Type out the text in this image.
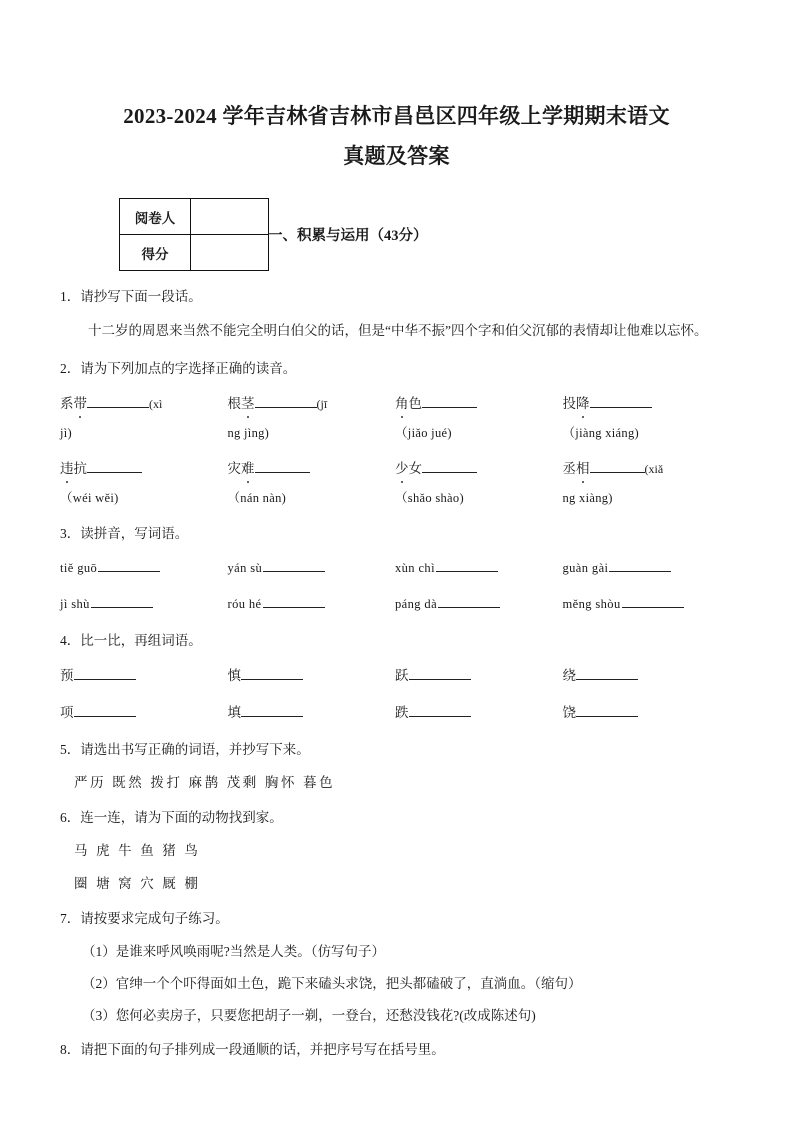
2023-2024 学年吉林省吉林市昌邑区四年级上学期期末语文
真题及答案
阅卷人	
得分	
一、积累与运用（43分）
1．请抄写下面一段话。
十二岁的周恩来当然不能完全明白伯父的话，但是“中华不振”四个字和伯父沉郁的表情却让他难以忘怀。
2．请为下列加点的字选择正确的读音。
系带 (xì	根茎 (jī	角色	投降
jì)	ng jìng)	（jiǎo jué)	（jiàng xiáng)
违抗	灾难	少女	丞相 (xiǎ
（wéi wěi)	（nán nàn)	（shǎo shào)	ng xiàng)
3．读拼音，写词语。
tiě guō	yán sù	xùn chì	guàn gài
jì shù	róu hé	páng dà	měng shòu
4．比一比，再组词语。
预	慎	跃	绕
项	填	跌	饶
5．请选出书写正确的词语，并抄写下来。
严历 既然 拨打 麻鹊 茂剩 胸怀 暮色
6．连一连，请为下面的动物找到家。
马 虎 牛 鱼 猪 鸟
圈 塘 窝 穴 厩 棚
7．请按要求完成句子练习。
（1）是谁来呼风唤雨呢?当然是人类。（仿写句子）
（2）官绅一个个吓得面如土色，跪下来磕头求饶，把头都磕破了，直淌血。（缩句）
（3）您何必卖房子，只要您把胡子一剃，一登台，还愁没钱花?(改成陈述句)
8．请把下面的句子排列成一段通顺的话，并把序号写在括号里。
